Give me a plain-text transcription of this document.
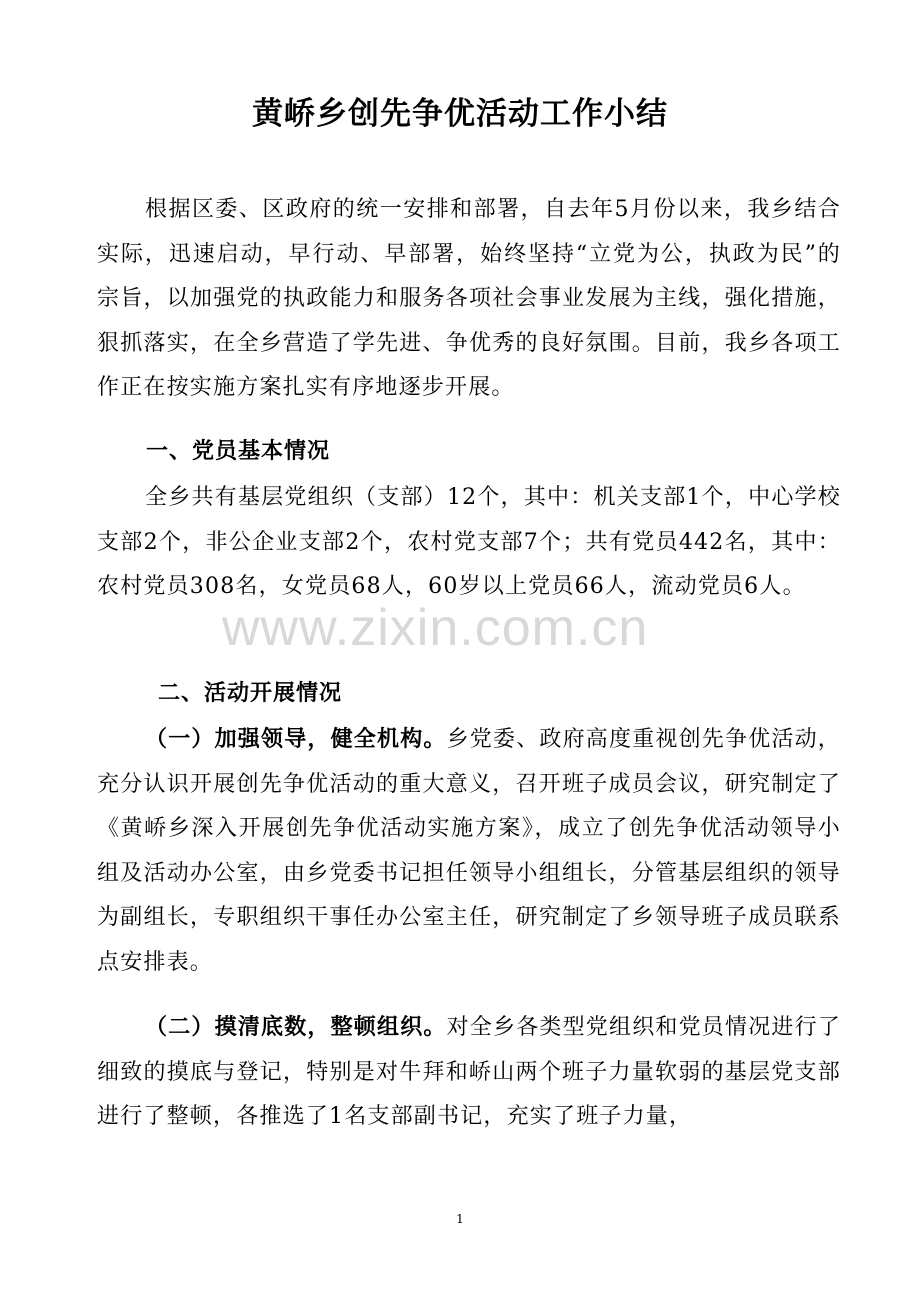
黄峤乡创先争优活动工作小结
根据区委、区政府的统一安排和部署，自去年5月份以来，我乡结合实际，迅速启动，早行动、早部署，始终坚持“立党为公，执政为民”的宗旨，以加强党的执政能力和服务各项社会事业发展为主线，强化措施，狠抓落实，在全乡营造了学先进、争优秀的良好氛围。目前，我乡各项工作正在按实施方案扎实有序地逐步开展。
一、党员基本情况
全乡共有基层党组织（支部）12个，其中：机关支部1个，中心学校支部2个，非公企业支部2个，农村党支部7个；共有党员442名，其中：农村党员308名，女党员68人，60岁以上党员66人，流动党员6人。
二、活动开展情况
（一）加强领导，健全机构。乡党委、政府高度重视创先争优活动，充分认识开展创先争优活动的重大意义，召开班子成员会议，研究制定了《黄峤乡深入开展创先争优活动实施方案》，成立了创先争优活动领导小组及活动办公室，由乡党委书记担任领导小组组长，分管基层组织的领导为副组长，专职组织干事任办公室主任，研究制定了乡领导班子成员联系点安排表。
（二）摸清底数，整顿组织。对全乡各类型党组织和党员情况进行了细致的摸底与登记，特别是对牛拜和峤山两个班子力量软弱的基层党支部进行了整顿，各推选了1名支部副书记，充实了班子力量，
www.zixin.com.cn
1
